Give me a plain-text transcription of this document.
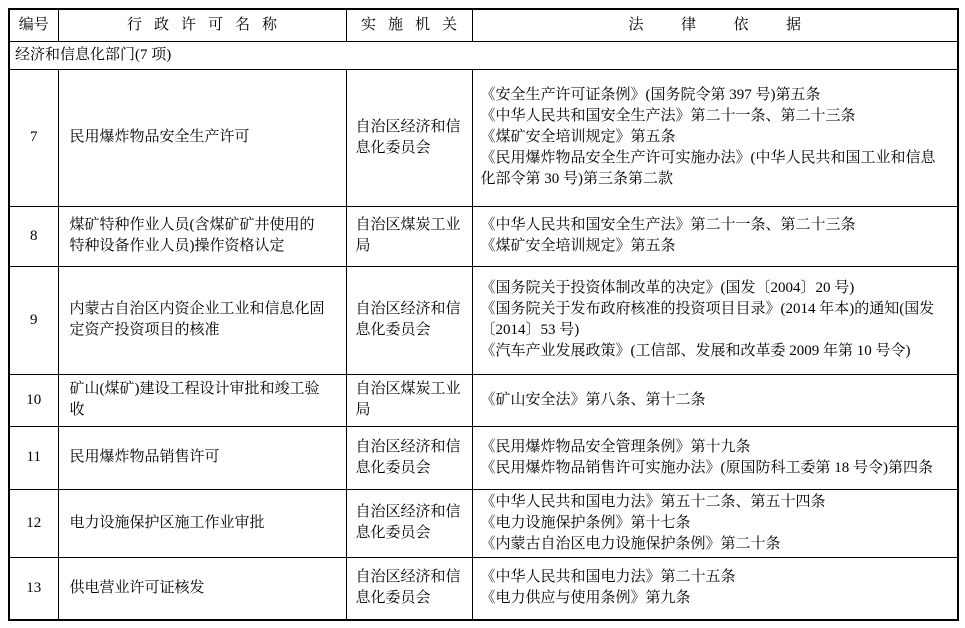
编号	行政许可名称	实施机关	法律依据
经济和信息化部门(7 项)			
7	民用爆炸物品安全生产许可	自治区经济和信息化委员会	《安全生产许可证条例》(国务院令第 397 号)第五条
《中华人民共和国安全生产法》第二十一条、第二十三条
《煤矿安全培训规定》第五条
《民用爆炸物品安全生产许可实施办法》(中华人民共和国工业和信息化部令第 30 号)第三条第二款

8	煤矿特种作业人员(含煤矿矿井使用的特种设备作业人员)操作资格认定	自治区煤炭工业局	《中华人民共和国安全生产法》第二十一条、第二十三条
《煤矿安全培训规定》第五条

9	内蒙古自治区内资企业工业和信息化固定资产投资项目的核准	自治区经济和信息化委员会	《国务院关于投资体制改革的决定》(国发〔2004〕20 号)
《国务院关于发布政府核准的投资项目目录》(2014 年本)的通知(国发〔2014〕53 号)
《汽车产业发展政策》(工信部、发展和改革委 2009 年第 10 号令)

10	矿山(煤矿)建设工程设计审批和竣工验收	自治区煤炭工业局	《矿山安全法》第八条、第十二条

11	民用爆炸物品销售许可	自治区经济和信息化委员会	《民用爆炸物品安全管理条例》第十九条
《民用爆炸物品销售许可实施办法》(原国防科工委第 18 号令)第四条

12	电力设施保护区施工作业审批	自治区经济和信息化委员会	《中华人民共和国电力法》第五十二条、第五十四条
《电力设施保护条例》第十七条
《内蒙古自治区电力设施保护条例》第二十条

13	供电营业许可证核发	自治区经济和信息化委员会	《中华人民共和国电力法》第二十五条
《电力供应与使用条例》第九条
